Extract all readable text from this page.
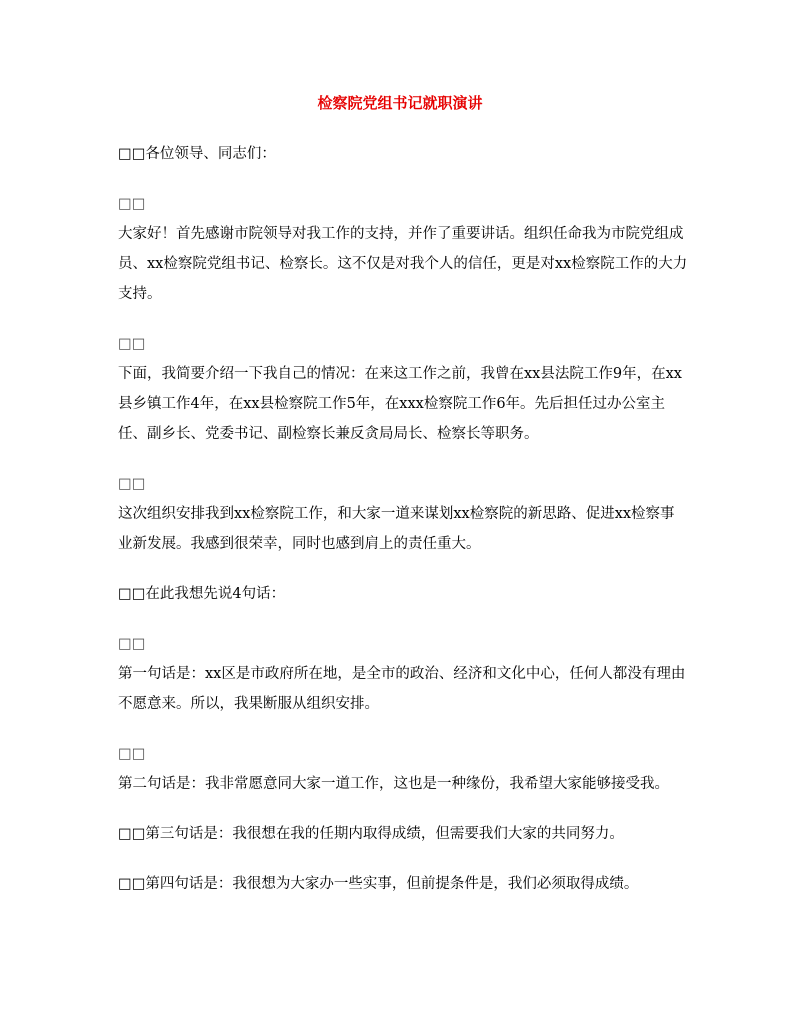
检察院党组书记就职演讲

□□各位领导、同志们：

□□

大家好！首先感谢市院领导对我工作的支持，并作了重要讲话。组织任命我为市院党组成员、xx检察院党组书记、检察长。这不仅是对我个人的信任，更是对xx检察院工作的大力支持。

□□

下面，我简要介绍一下我自己的情况：在来这工作之前，我曾在xx县法院工作9年，在xx县乡镇工作4年，在xx县检察院工作5年，在xxx检察院工作6年。先后担任过办公室主任、副乡长、党委书记、副检察长兼反贪局局长、检察长等职务。

□□

这次组织安排我到xx检察院工作，和大家一道来谋划xx检察院的新思路、促进xx检察事业新发展。我感到很荣幸，同时也感到肩上的责任重大。

□□在此我想先说4句话：

□□

第一句话是：xx区是市政府所在地，是全市的政治、经济和文化中心，任何人都没有理由不愿意来。所以，我果断服从组织安排。

□□

第二句话是：我非常愿意同大家一道工作，这也是一种缘份，我希望大家能够接受我。

□□第三句话是：我很想在我的任期内取得成绩，但需要我们大家的共同努力。

□□第四句话是：我很想为大家办一些实事，但前提条件是，我们必须取得成绩。
